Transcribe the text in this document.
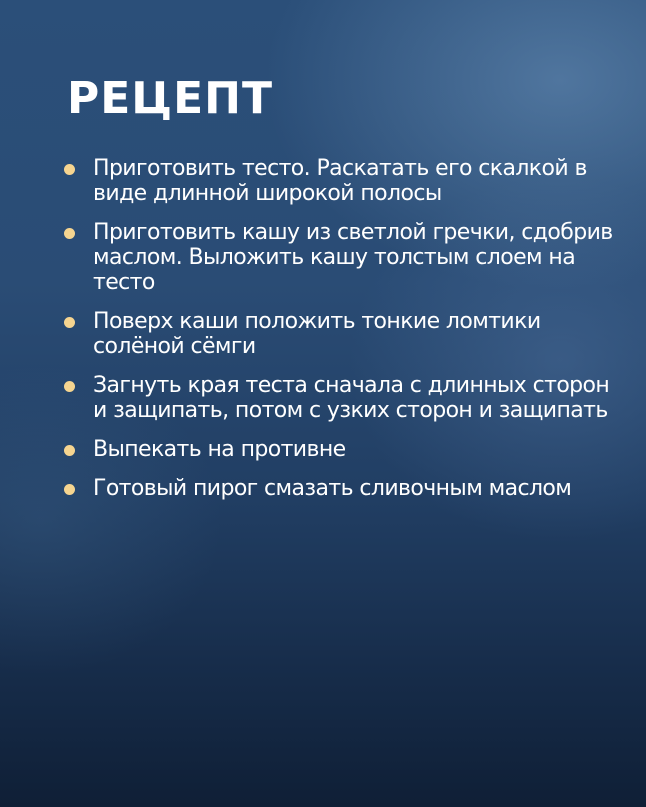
РЕЦЕПТ
Приготовить тесто. Раскатать его скалкой в виде длинной широкой полосы
Приготовить кашу из светлой гречки, сдобрив маслом. Выложить кашу толстым слоем на тесто
Поверх каши положить тонкие ломтики солёной сёмги
Загнуть края теста сначала с длинных сторон и защипать, потом с узких сторон и защипать
Выпекать на противне
Готовый пирог смазать сливочным маслом
